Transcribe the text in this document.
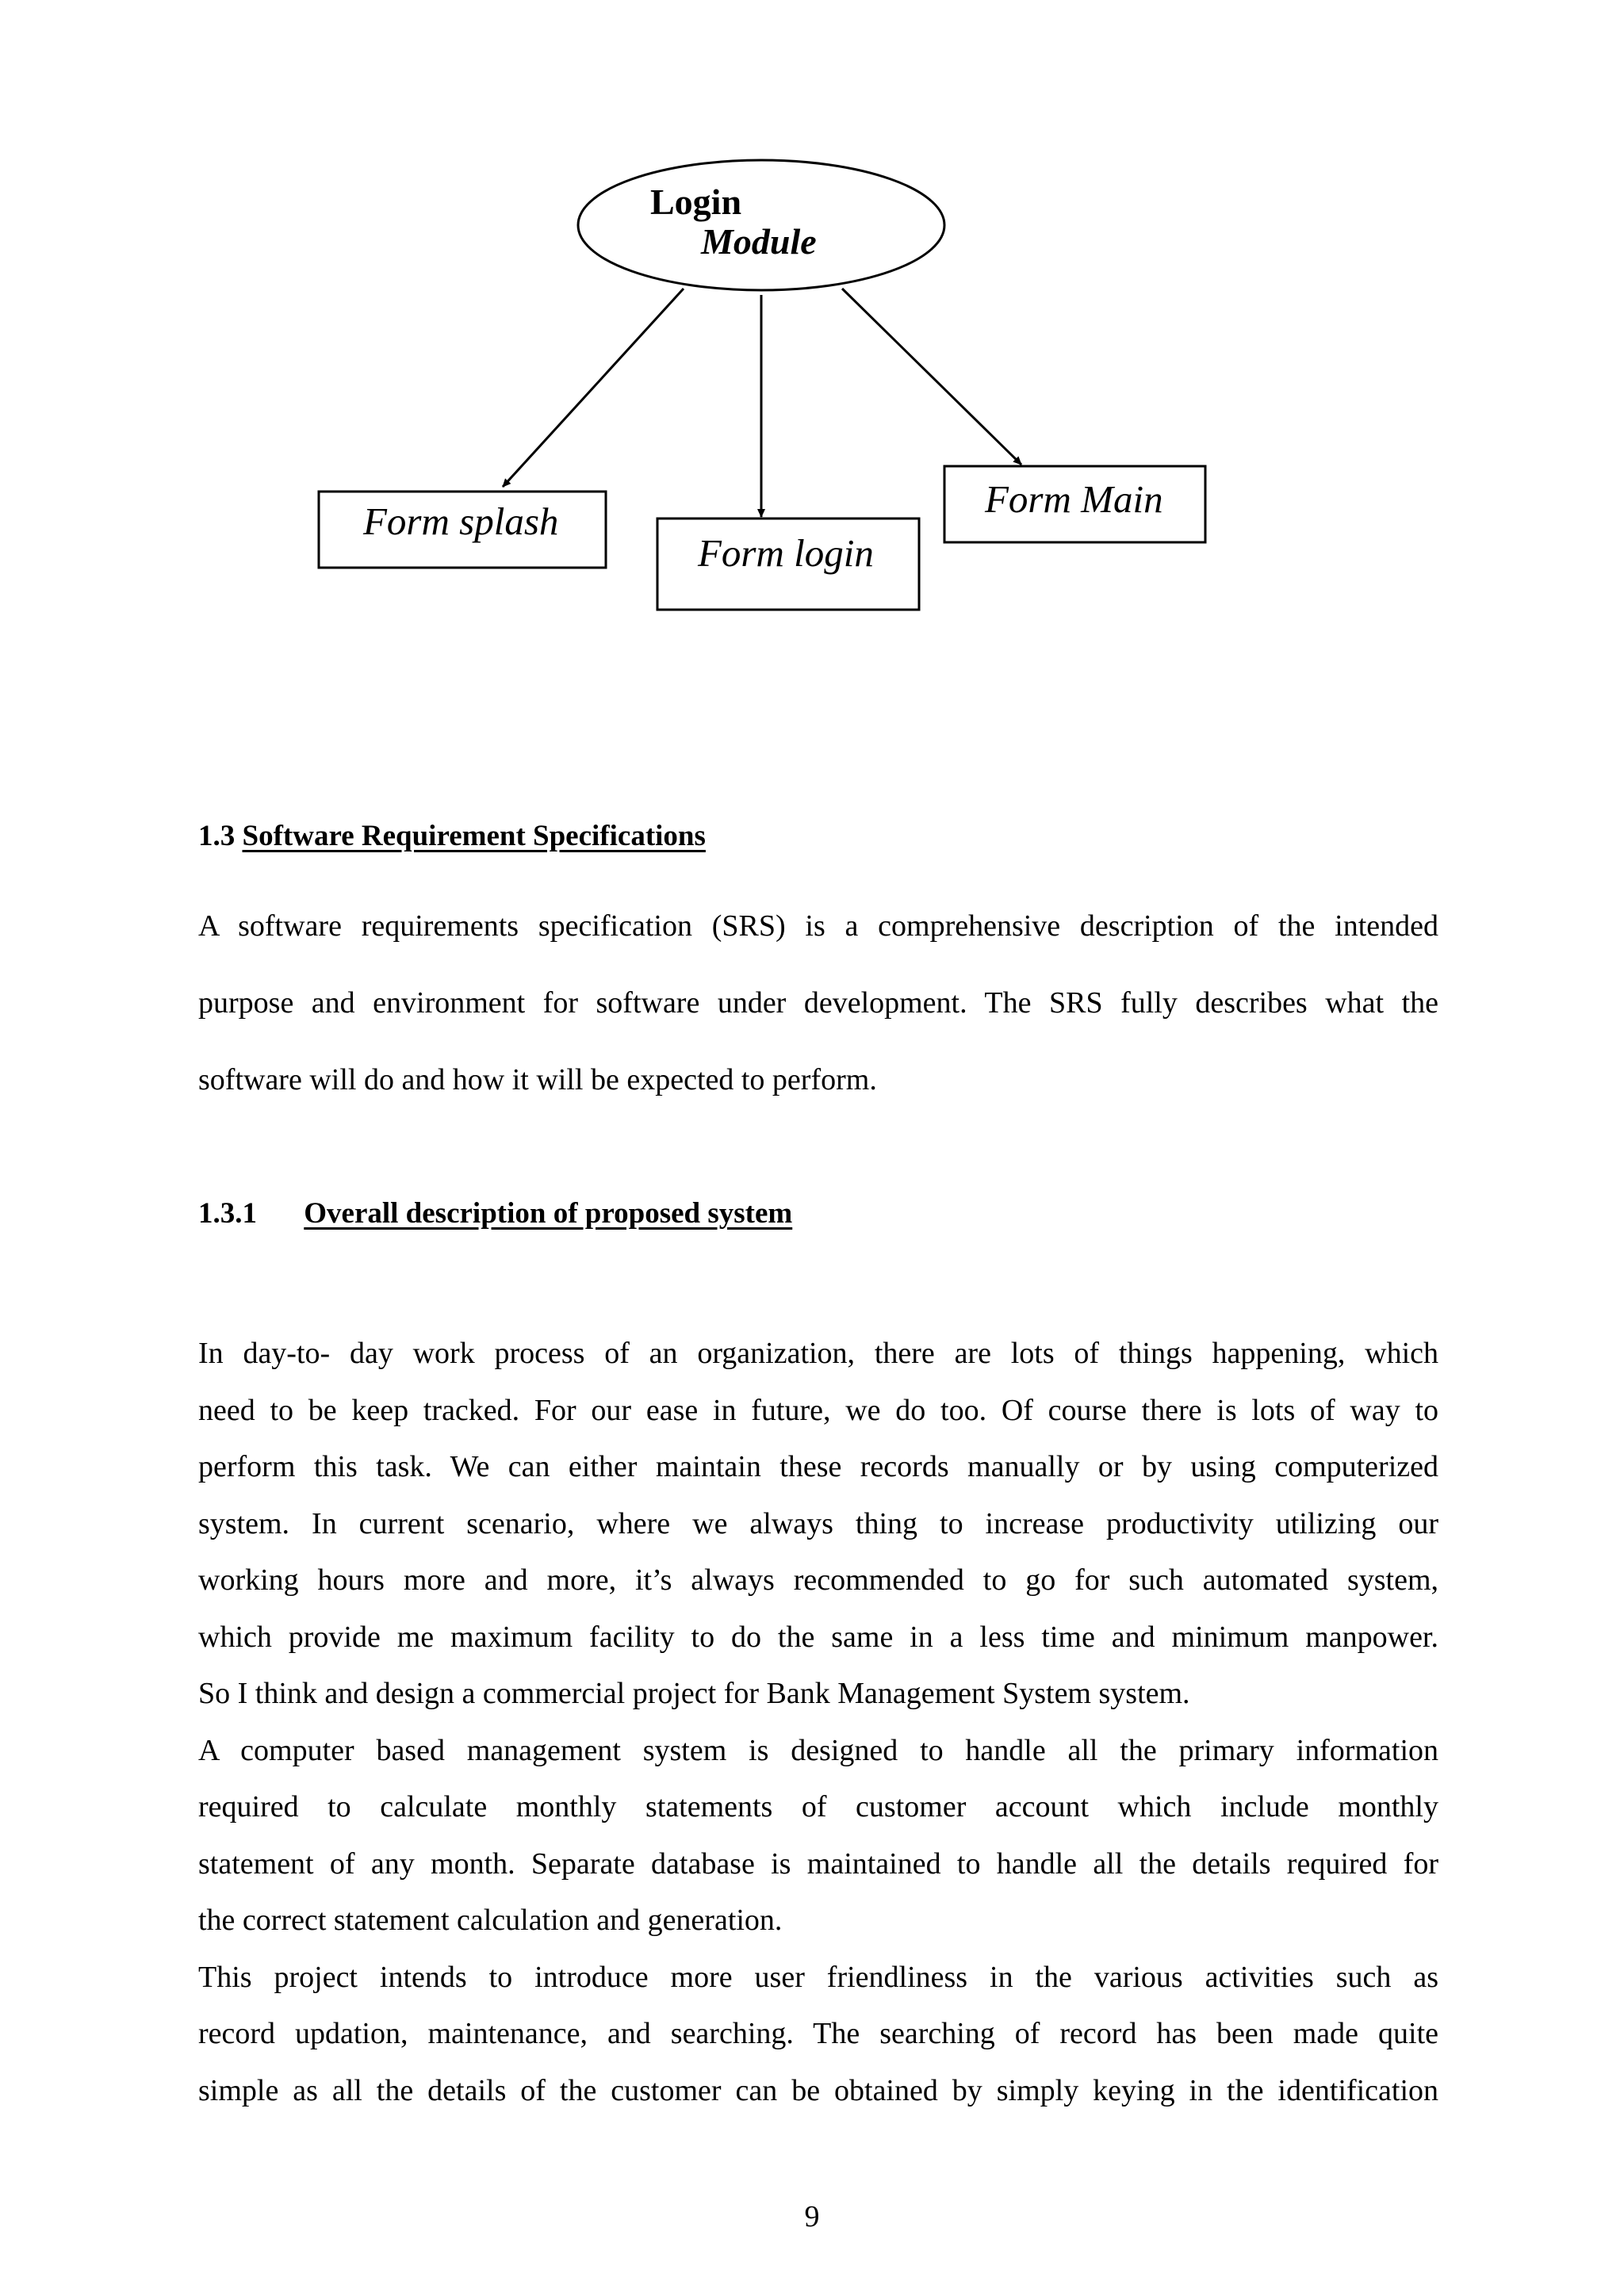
Login
Module
Form splash
Form login
Form Main
1.3 Software Requirement Specifications
A software requirements specification (SRS) is a comprehensive description of the intended
purpose and environment for software under development. The SRS fully describes what the
software will do and how it will be expected to perform.
1.3.1 Overall description of proposed system
In day-to- day work process of an organization, there are lots of things happening, which
need to be keep tracked. For our ease in future, we do too. Of course there is lots of way to
perform this task. We can either maintain these records manually or by using computerized
system. In current scenario, where we always thing to increase productivity utilizing our
working hours more and more, it’s always recommended to go for such automated system,
which provide me maximum facility to do the same in a less time and minimum manpower.
So I think and design a commercial project for Bank Management System system.
A computer based management system is designed to handle all the primary information
required to calculate monthly statements of customer account which include monthly
statement of any month. Separate database is maintained to handle all the details required for
the correct statement calculation and generation.
This project intends to introduce more user friendliness in the various activities such as
record updation, maintenance, and searching. The searching of record has been made quite
simple as all the details of the customer can be obtained by simply keying in the identification
9
